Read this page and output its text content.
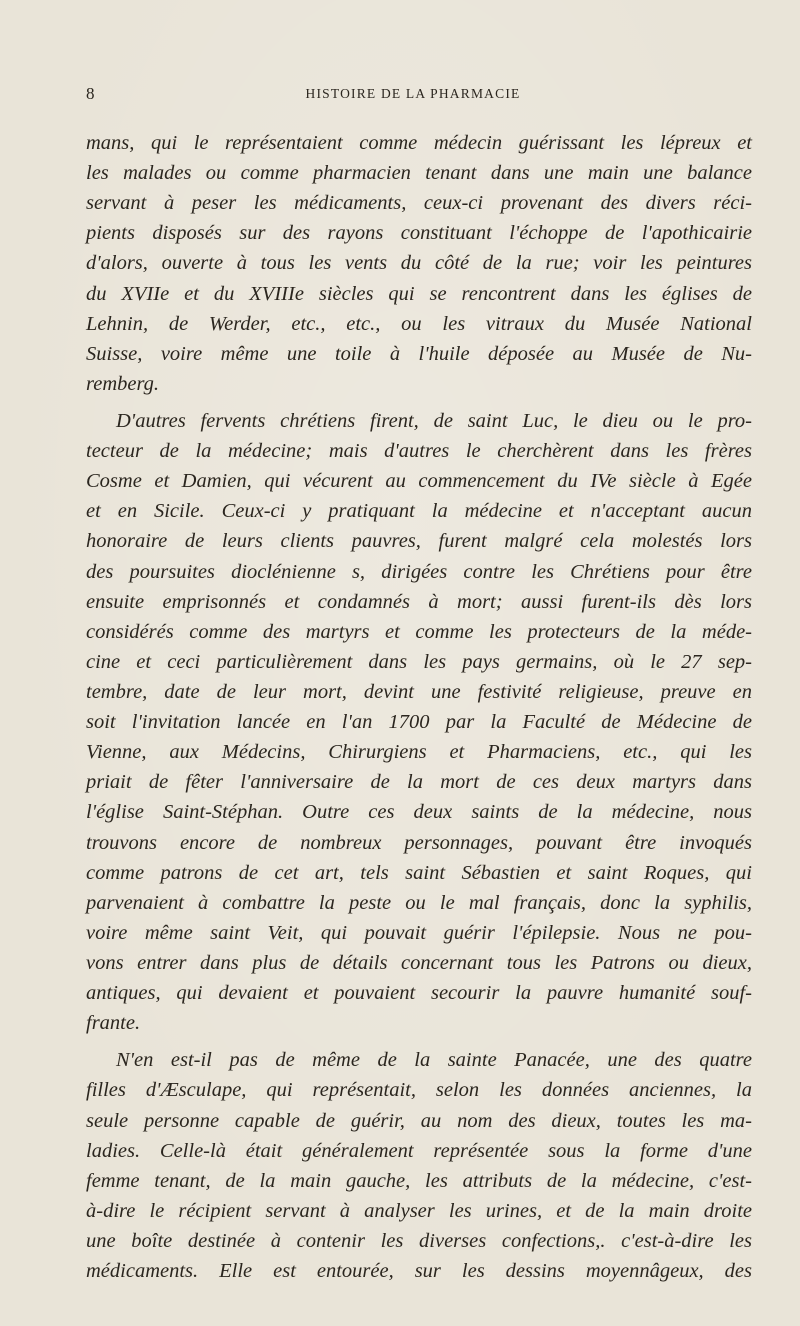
8	HISTOIRE DE LA PHARMACIE
mans, qui le représentaient comme médecin guérissant les lépreux et
les malades ou comme pharmacien tenant dans une main une balance
servant à peser les médicaments, ceux-ci provenant des divers réci-
pients disposés sur des rayons constituant l'échoppe de l'apothicairie
d'alors, ouverte à tous les vents du côté de la rue; voir les peintures
du XVIIe et du XVIIIe siècles qui se rencontrent dans les églises de
Lehnin, de Werder, etc., etc., ou les vitraux du Musée National
Suisse, voire même une toile à l'huile déposée au Musée de Nu-
remberg.
D'autres fervents chrétiens firent, de saint Luc, le dieu ou le pro-
tecteur de la médecine; mais d'autres le cherchèrent dans les frères
Cosme et Damien, qui vécurent au commencement du IVe siècle à Egée
et en Sicile. Ceux-ci y pratiquant la médecine et n'acceptant aucun
honoraire de leurs clients pauvres, furent malgré cela molestés lors
des poursuites dioclénienne s, dirigées contre les Chrétiens pour être
ensuite emprisonnés et condamnés à mort; aussi furent-ils dès lors
considérés comme des martyrs et comme les protecteurs de la méde-
cine et ceci particulièrement dans les pays germains, où le 27 sep-
tembre, date de leur mort, devint une festivité religieuse, preuve en
soit l'invitation lancée en l'an 1700 par la Faculté de Médecine de
Vienne, aux Médecins, Chirurgiens et Pharmaciens, etc., qui les
priait de fêter l'anniversaire de la mort de ces deux martyrs dans
l'église Saint-Stéphan. Outre ces deux saints de la médecine, nous
trouvons encore de nombreux personnages, pouvant être invoqués
comme patrons de cet art, tels saint Sébastien et saint Roques, qui
parvenaient à combattre la peste ou le mal français, donc la syphilis,
voire même saint Veit, qui pouvait guérir l'épilepsie. Nous ne pou-
vons entrer dans plus de détails concernant tous les Patrons ou dieux,
antiques, qui devaient et pouvaient secourir la pauvre humanité souf-
frante.
N'en est-il pas de même de la sainte Panacée, une des quatre
filles d'Æsculape, qui représentait, selon les données anciennes, la
seule personne capable de guérir, au nom des dieux, toutes les ma-
ladies. Celle-là était généralement représentée sous la forme d'une
femme tenant, de la main gauche, les attributs de la médecine, c'est-
à-dire le récipient servant à analyser les urines, et de la main droite
une boîte destinée à contenir les diverses confections,. c'est-à-dire les
médicaments. Elle est entourée, sur les dessins moyennâgeux, des
